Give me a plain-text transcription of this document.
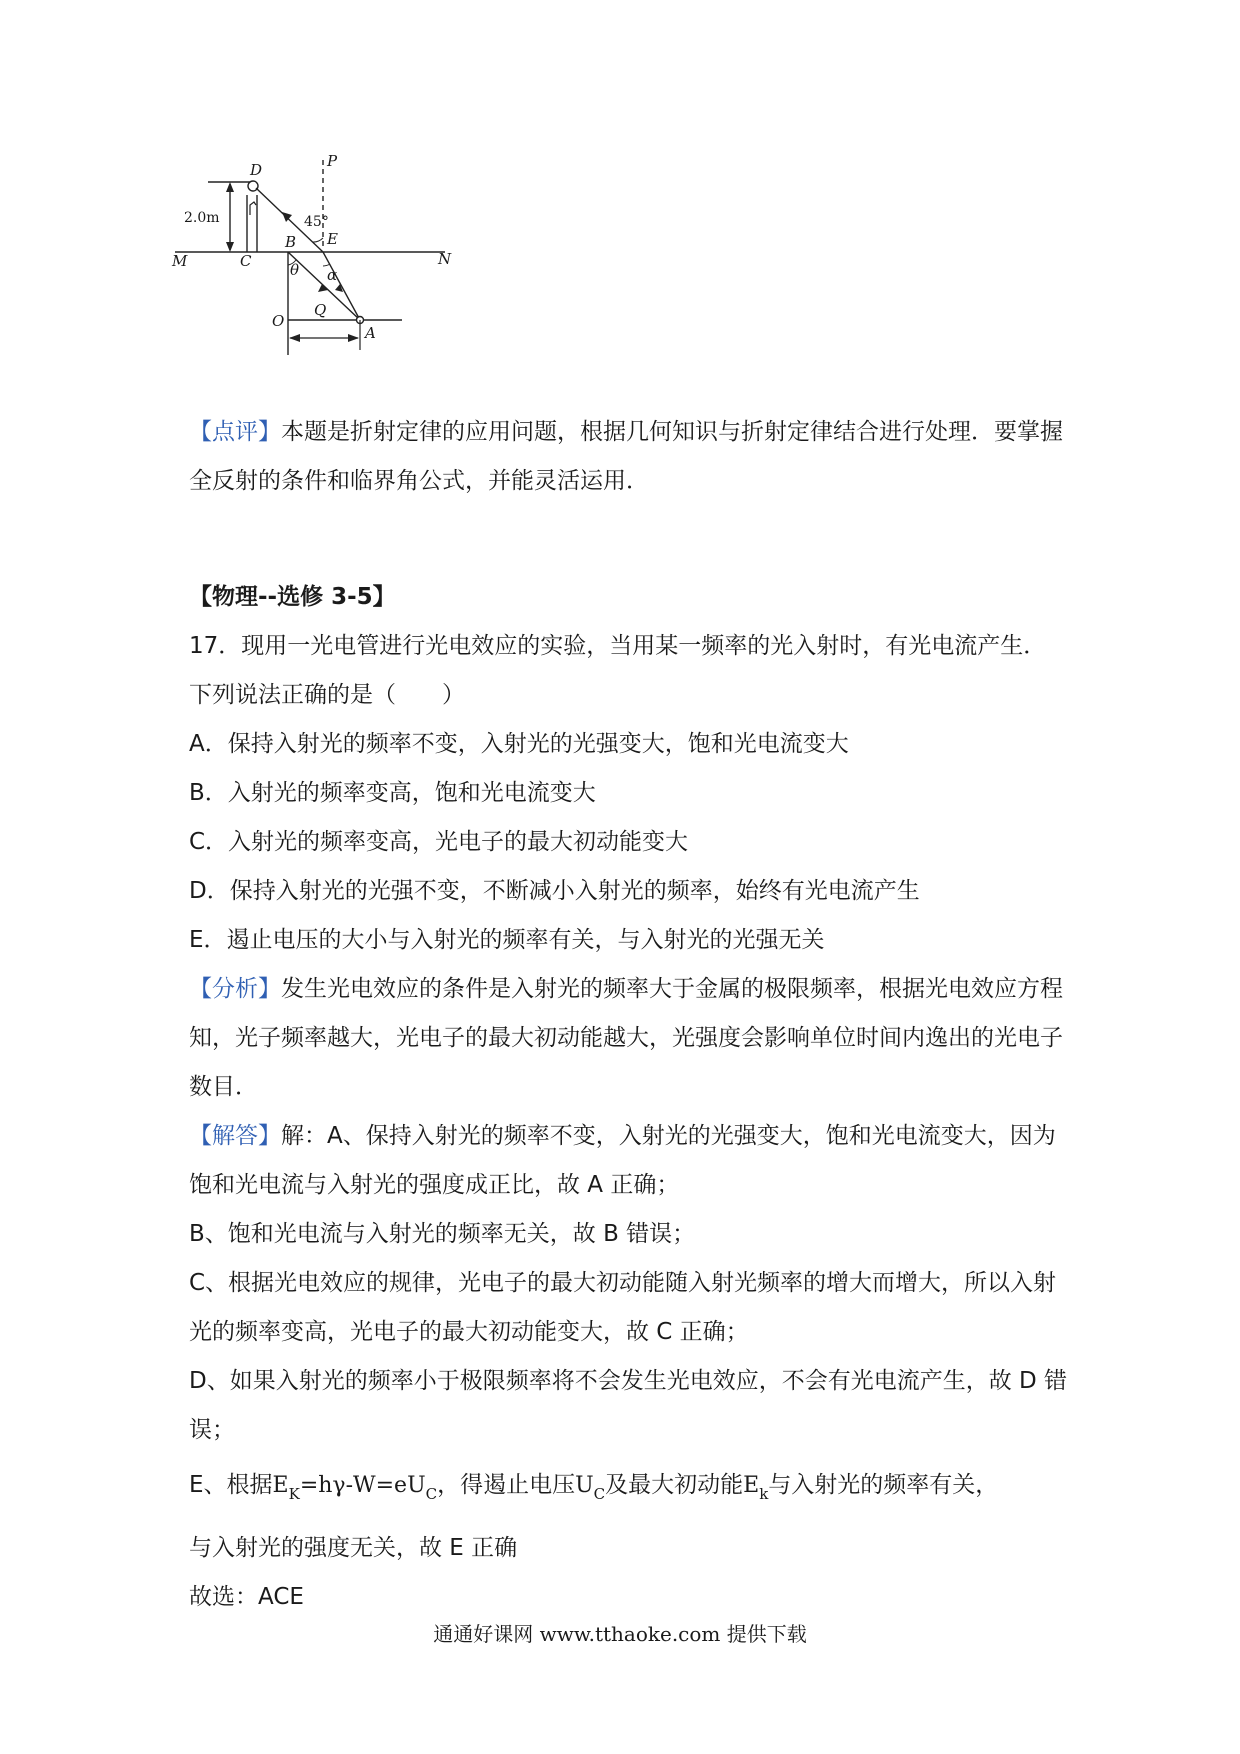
P
D
B E
45°
M	C	N
θ α
O
Q
A
2.0m

【点评】本题是折射定律的应用问题，根据几何知识与折射定律结合进行处理．要掌握全反射的条件和临界角公式，并能灵活运用．

【物理--选修 3-5】

17．现用一光电管进行光电效应的实验，当用某一频率的光入射时，有光电流产生．下列说法正确的是（　　）

A．保持入射光的频率不变，入射光的光强变大，饱和光电流变大

B．入射光的频率变高，饱和光电流变大

C．入射光的频率变高，光电子的最大初动能变大

D．保持入射光的光强不变，不断减小入射光的频率，始终有光电流产生

E．遏止电压的大小与入射光的频率有关，与入射光的光强无关

【分析】发生光电效应的条件是入射光的频率大于金属的极限频率，根据光电效应方程知，光子频率越大，光电子的最大初动能越大，光强度会影响单位时间内逸出的光电子数目．

【解答】解：A、保持入射光的频率不变，入射光的光强变大，饱和光电流变大，因为饱和光电流与入射光的强度成正比，故 A 正确；

B、饱和光电流与入射光的频率无关，故 B 错误；

C、根据光电效应的规律，光电子的最大初动能随入射光频率的增大而增大，所以入射光的频率变高，光电子的最大初动能变大，故 C 正确；

D、如果入射光的频率小于极限频率将不会发生光电效应，不会有光电流产生，故 D 错误；

E、根据$E_K=h\gamma-W=eU_C$，得遏止电压$U_C$及最大初动能$E_k$与入射光的频率有关，

与入射光的强度无关，故 E 正确

故选：ACE

通通好课网 www.tthaoke.com 提供下载
